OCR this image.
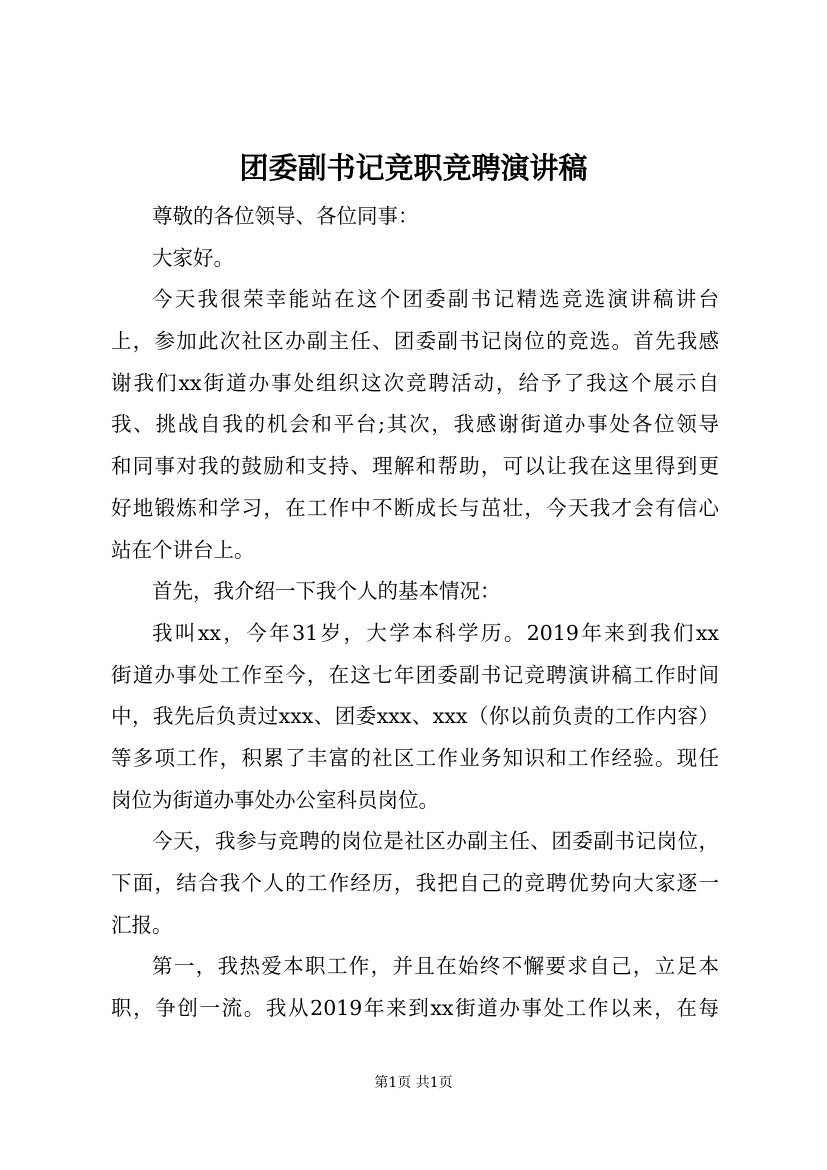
团委副书记竞职竞聘演讲稿
尊敬的各位领导、各位同事：
大家好。
今天我很荣幸能站在这个团委副书记精选竞选演讲稿讲台
上，参加此次社区办副主任、团委副书记岗位的竞选。首先我感
谢我们xx街道办事处组织这次竞聘活动，给予了我这个展示自
我、挑战自我的机会和平台;其次，我感谢街道办事处各位领导
和同事对我的鼓励和支持、理解和帮助，可以让我在这里得到更
好地锻炼和学习，在工作中不断成长与茁壮，今天我才会有信心
站在个讲台上。
首先，我介绍一下我个人的基本情况：
我叫xx，今年31岁，大学本科学历。2019年来到我们xx
街道办事处工作至今，在这七年团委副书记竞聘演讲稿工作时间
中，我先后负责过xxx、团委xxx、xxx（你以前负责的工作内容）
等多项工作，积累了丰富的社区工作业务知识和工作经验。现任
岗位为街道办事处办公室科员岗位。
今天，我参与竞聘的岗位是社区办副主任、团委副书记岗位，
下面，结合我个人的工作经历，我把自己的竞聘优势向大家逐一
汇报。
第一，我热爱本职工作，并且在始终不懈要求自己，立足本
职，争创一流。我从2019年来到xx街道办事处工作以来，在每
第1页 共1页
